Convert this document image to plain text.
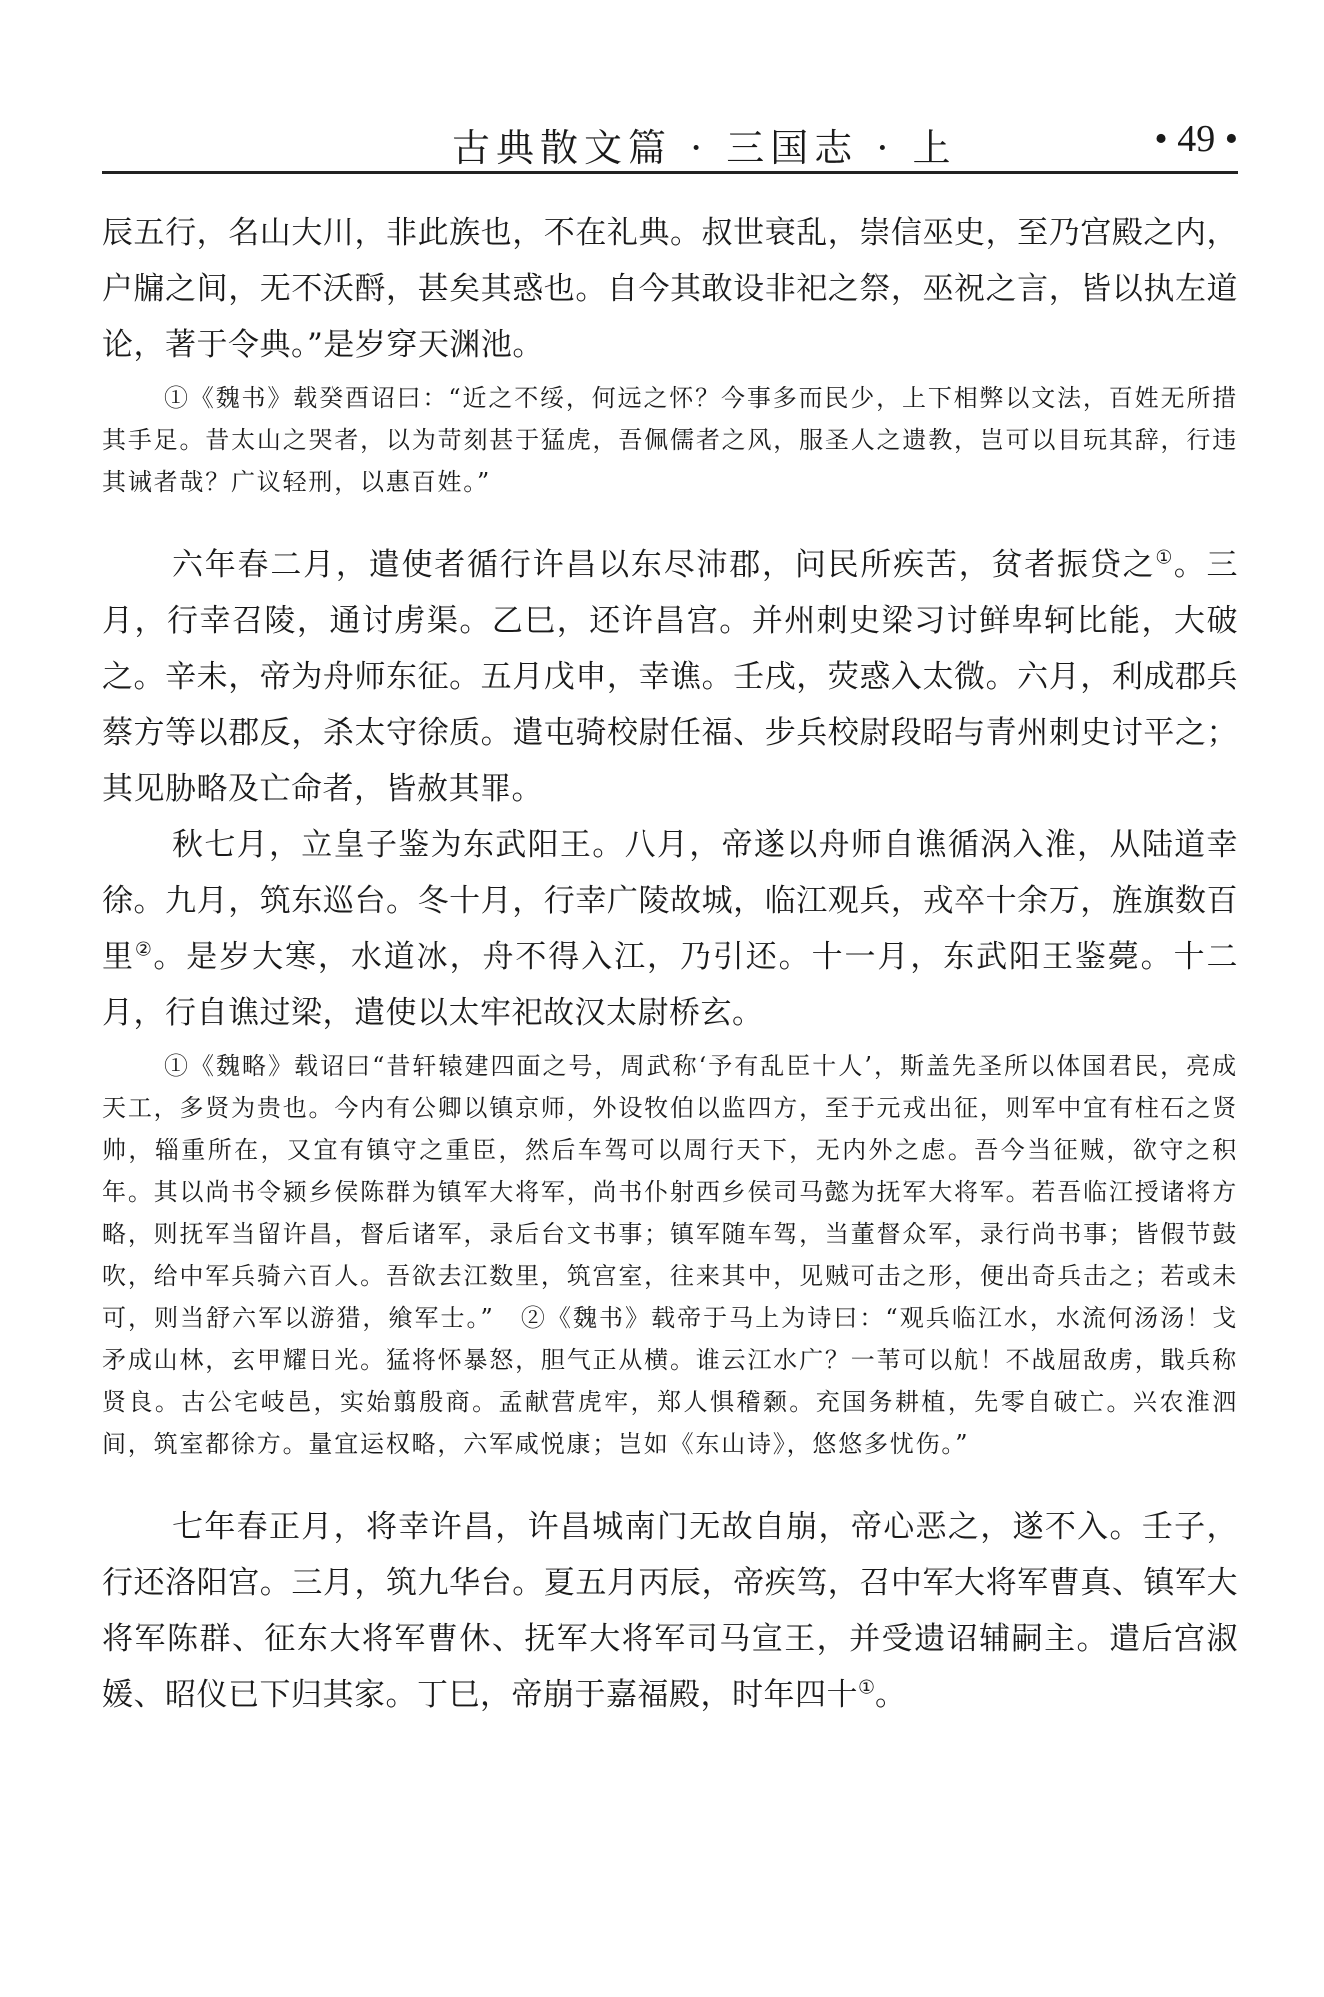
古典散文篇 · 三国志 · 上	• 49 •

辰五行，名山大川，非此族也，不在礼典。叔世衰乱，崇信巫史，至乃宫殿之内，户牖之间，无不沃酹，甚矣其惑也。自今其敢设非祀之祭，巫祝之言，皆以执左道论，著于令典。”是岁穿天渊池。

①《魏书》载癸酉诏曰：“近之不绥，何远之怀？今事多而民少，上下相弊以文法，百姓无所措其手足。昔太山之哭者，以为苛刻甚于猛虎，吾佩儒者之风，服圣人之遗教，岂可以目玩其辞，行违其诫者哉？广议轻刑，以惠百姓。”

六年春二月，遣使者循行许昌以东尽沛郡，问民所疾苦，贫者振贷之①。三月，行幸召陵，通讨虏渠。乙巳，还许昌宫。并州刺史梁习讨鲜卑轲比能，大破之。辛未，帝为舟师东征。五月戊申，幸谯。壬戌，荧惑入太微。六月，利成郡兵蔡方等以郡反，杀太守徐质。遣屯骑校尉任福、步兵校尉段昭与青州刺史讨平之；其见胁略及亡命者，皆赦其罪。

秋七月，立皇子鉴为东武阳王。八月，帝遂以舟师自谯循涡入淮，从陆道幸徐。九月，筑东巡台。冬十月，行幸广陵故城，临江观兵，戎卒十余万，旌旗数百里②。是岁大寒，水道冰，舟不得入江，乃引还。十一月，东武阳王鉴薨。十二月，行自谯过梁，遣使以太牢祀故汉太尉桥玄。

①《魏略》载诏曰“昔轩辕建四面之号，周武称‘予有乱臣十人’，斯盖先圣所以体国君民，亮成天工，多贤为贵也。今内有公卿以镇京师，外设牧伯以监四方，至于元戎出征，则军中宜有柱石之贤帅，辎重所在，又宜有镇守之重臣，然后车驾可以周行天下，无内外之虑。吾今当征贼，欲守之积年。其以尚书令颍乡侯陈群为镇军大将军，尚书仆射西乡侯司马懿为抚军大将军。若吾临江授诸将方略，则抚军当留许昌，督后诸军，录后台文书事；镇军随车驾，当董督众军，录行尚书事；皆假节鼓吹，给中军兵骑六百人。吾欲去江数里，筑宫室，往来其中，见贼可击之形，便出奇兵击之；若或未可，则当舒六军以游猎，飨军士。”　②《魏书》载帝于马上为诗曰：“观兵临江水，水流何汤汤！戈矛成山林，玄甲耀日光。猛将怀暴怒，胆气正从横。谁云江水广？一苇可以航！不战屈敌虏，戢兵称贤良。古公宅岐邑，实始翦殷商。孟献营虎牢，郑人惧稽颡。充国务耕植，先零自破亡。兴农淮泗间，筑室都徐方。量宜运权略，六军咸悦康；岂如《东山诗》，悠悠多忧伤。”

七年春正月，将幸许昌，许昌城南门无故自崩，帝心恶之，遂不入。壬子，行还洛阳宫。三月，筑九华台。夏五月丙辰，帝疾笃，召中军大将军曹真、镇军大将军陈群、征东大将军曹休、抚军大将军司马宣王，并受遗诏辅嗣主。遣后宫淑媛、昭仪已下归其家。丁巳，帝崩于嘉福殿，时年四十①。
